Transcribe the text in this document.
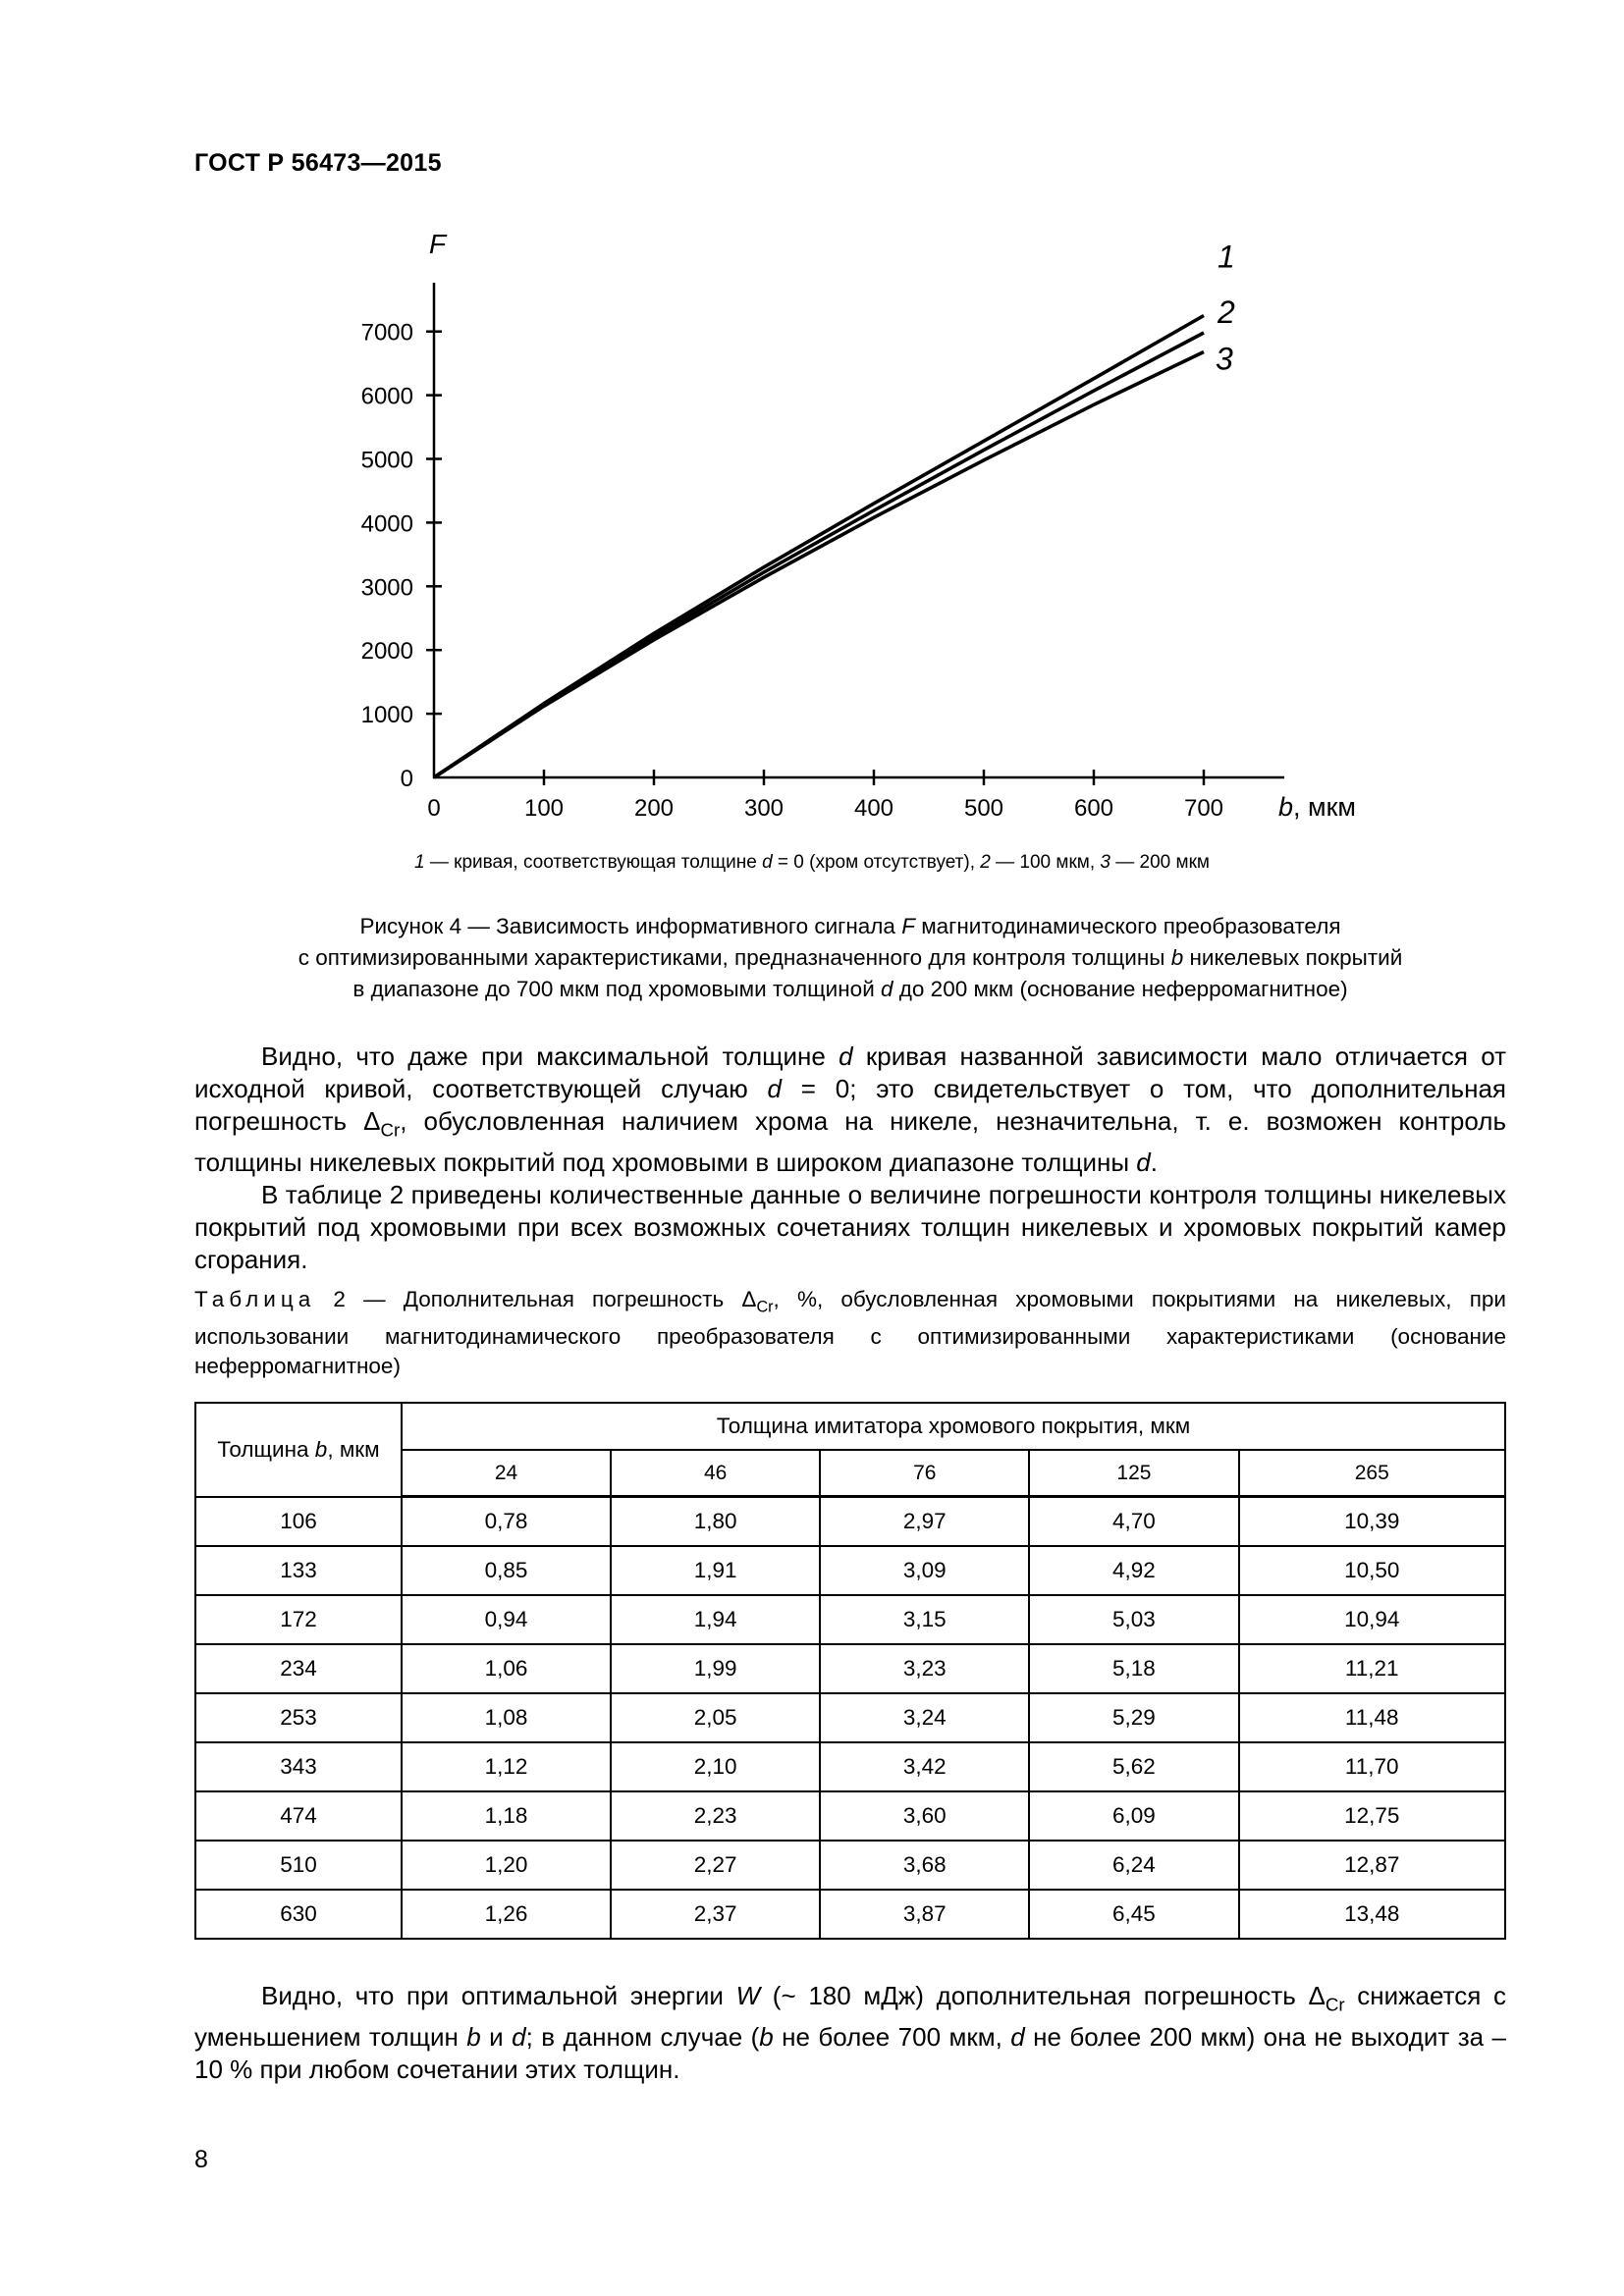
ГОСТ Р 56473—2015
0	100	200	300	400	500	600	700
0
1000
2000
3000
4000
5000
6000
7000
1
2
3
F
b, мкм
1 — кривая, соответствующая толщине d = 0 (хром отсутствует), 2 — 100 мкм, 3 — 200 мкм
Рисунок 4 — Зависимость информативного сигнала F магнитодинамического преобразователя
с оптимизированными характеристиками, предназначенного для контроля толщины b никелевых покрытий
в диапазоне до 700 мкм под хромовыми толщиной d до 200 мкм (основание неферромагнитное)

Видно, что даже при максимальной толщине d кривая названной зависимости мало отличается от исходной кривой, соответствующей случаю d = 0; это свидетельствует о том, что дополнительная погрешность $\Delta_{Cr}$, обусловленная наличием хрома на никеле, незначительна, т. е. возможен контроль толщины никелевых покрытий под хромовыми в широком диапазоне толщины d.

В таблице 2 приведены количественные данные о величине погрешности контроля толщины никелевых покрытий под хромовыми при всех возможных сочетаниях толщин никелевых и хромовых покрытий камер сгорания.

Таблица 2 — Дополнительная погрешность $\Delta_{Cr}$, %, обусловленная хромовыми покрытиями на никелевых, при использовании магнитодинамического преобразователя с оптимизированными характеристиками (основание неферромагнитное)
Толщина b, мкм	Толщина имитатора хромового покрытия, мкм				
	24	46	76	125	265
106	0,78	1,80	2,97	4,70	10,39
133	0,85	1,91	3,09	4,92	10,50
172	0,94	1,94	3,15	5,03	10,94
234	1,06	1,99	3,23	5,18	11,21
253	1,08	2,05	3,24	5,29	11,48
343	1,12	2,10	3,42	5,62	11,70
474	1,18	2,23	3,60	6,09	12,75
510	1,20	2,27	3,68	6,24	12,87
630	1,26	2,37	3,87	6,45	13,48

Видно, что при оптимальной энергии W (~ 180 мДж) дополнительная погрешность $\Delta_{Cr}$ снижается с уменьшением толщин b и d; в данном случае (b не более 700 мкм, d не более 200 мкм) она не выходит за – 10 % при любом сочетании этих толщин.

8
